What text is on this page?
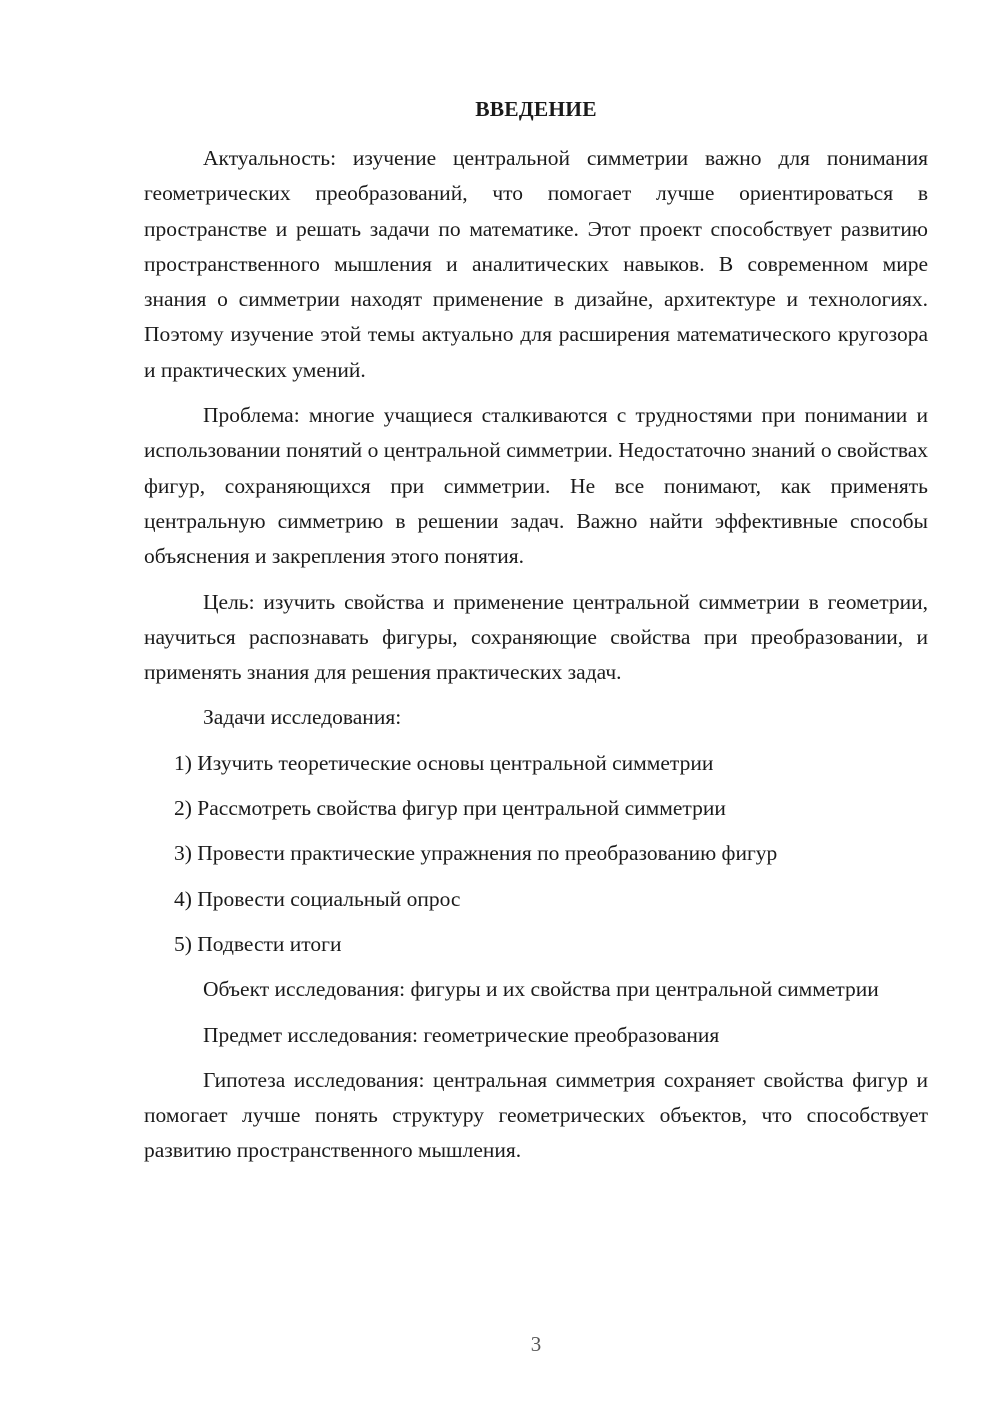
ВВЕДЕНИЕ

Актуальность: изучение центральной симметрии важно для понимания геометрических преобразований, что помогает лучше ориентироваться в пространстве и решать задачи по математике. Этот проект способствует развитию пространственного мышления и аналитических навыков. В современном мире знания о симметрии находят применение в дизайне, архитектуре и технологиях. Поэтому изучение этой темы актуально для расширения математического кругозора и практических умений.

Проблема: многие учащиеся сталкиваются с трудностями при понимании и использовании понятий о центральной симметрии. Недостаточно знаний о свойствах фигур, сохраняющихся при симметрии. Не все понимают, как применять центральную симметрию в решении задач. Важно найти эффективные способы объяснения и закрепления этого понятия.

Цель: изучить свойства и применение центральной симметрии в геометрии, научиться распознавать фигуры, сохраняющие свойства при преобразовании, и применять знания для решения практических задач.

Задачи исследования:

1) Изучить теоретические основы центральной симметрии
2) Рассмотреть свойства фигур при центральной симметрии
3) Провести практические упражнения по преобразованию фигур
4) Провести социальный опрос
5) Подвести итоги

Объект исследования: фигуры и их свойства при центральной симметрии

Предмет исследования: геометрические преобразования

Гипотеза исследования: центральная симметрия сохраняет свойства фигур и помогает лучше понять структуру геометрических объектов, что способствует развитию пространственного мышления.

3
